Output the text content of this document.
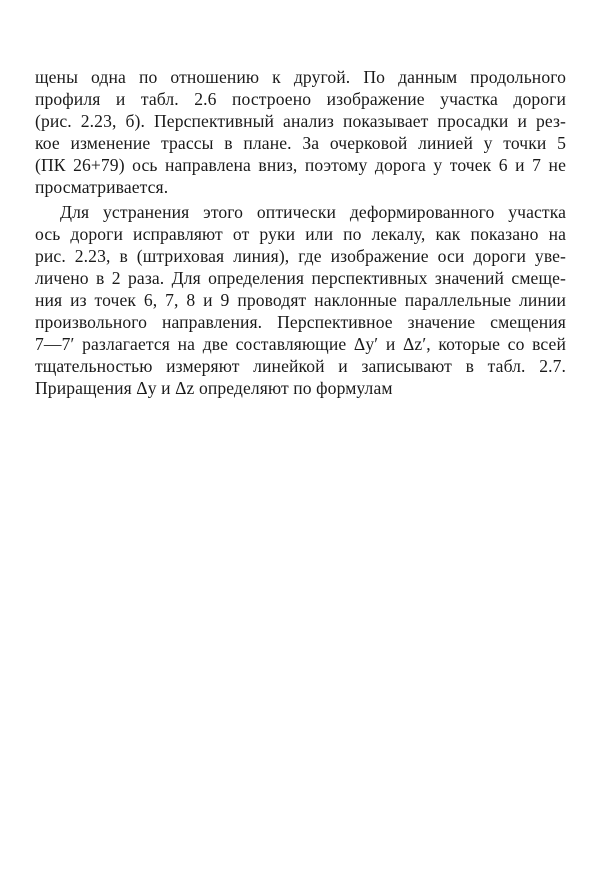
щены одна по отношению к другой. По данным продольного
профиля и табл. 2.6 построено изображение участка дороги
(рис. 2.23, б). Перспективный анализ показывает просадки и рез-
кое изменение трассы в плане. За очерковой линией у точки 5
(ПК 26+79) ось направлена вниз, поэтому дорога у точек 6 и 7 не
просматривается.
Для устранения этого оптически деформированного участка
ось дороги исправляют от руки или по лекалу, как показано на
рис. 2.23, в (штриховая линия), где изображение оси дороги уве-
личено в 2 раза. Для определения перспективных значений смеще-
ния из точек 6, 7, 8 и 9 проводят наклонные параллельные линии
произвольного направления. Перспективное значение смещения
7—7′ разлагается на две составляющие Δy′ и Δz′, которые со всей
тщательностью измеряют линейкой и записывают в табл. 2.7.
Приращения Δy и Δz определяют по формулам
